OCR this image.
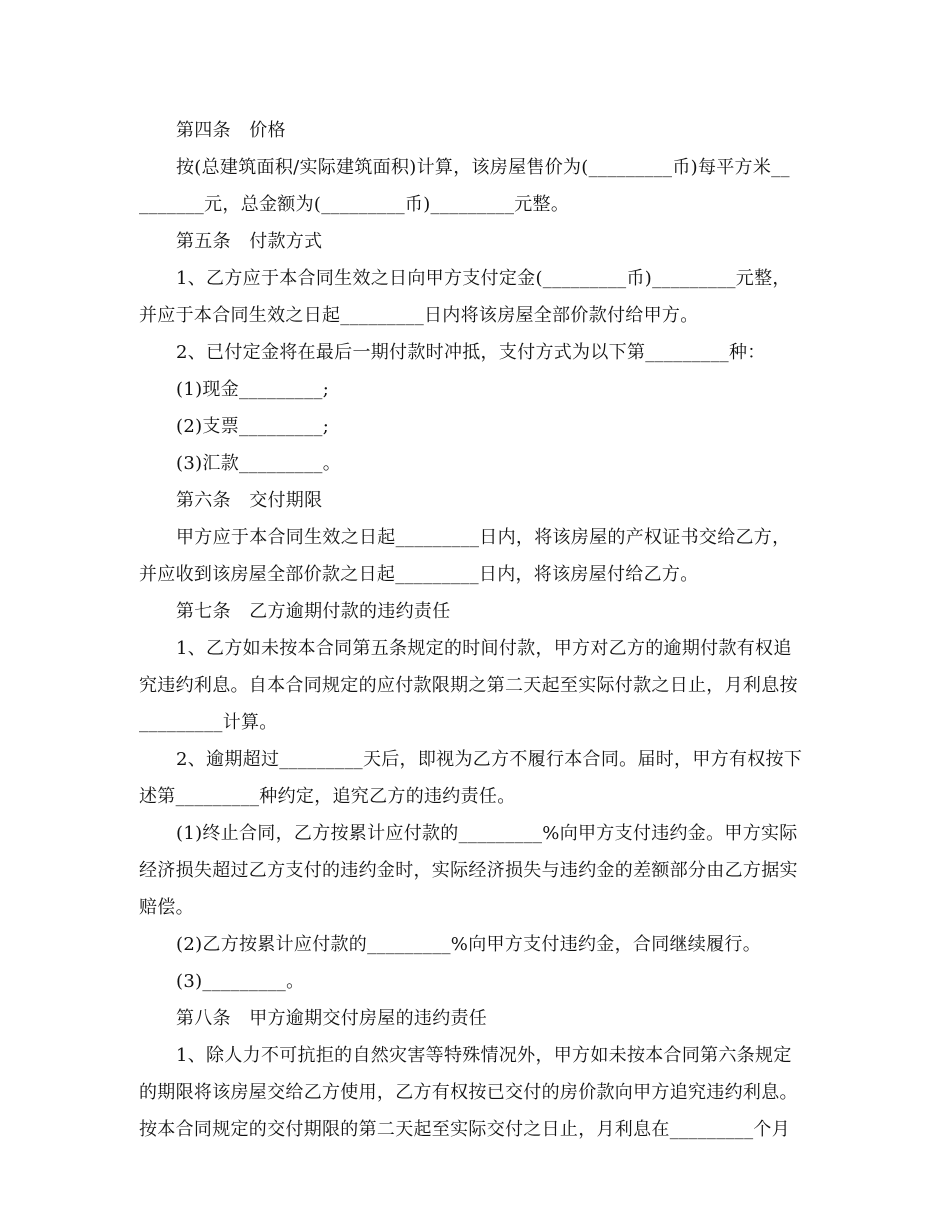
第四条　价格
按(总建筑面积/实际建筑面积)计算，该房屋售价为(_________币)每平方米__
_______元，总金额为(_________币)_________元整。
第五条　付款方式
1、乙方应于本合同生效之日向甲方支付定金(_________币)_________元整，
并应于本合同生效之日起_________日内将该房屋全部价款付给甲方。
2、已付定金将在最后一期付款时冲抵，支付方式为以下第_________种：
(1)现金_________;
(2)支票_________;
(3)汇款_________。
第六条　交付期限
甲方应于本合同生效之日起_________日内，将该房屋的产权证书交给乙方，
并应收到该房屋全部价款之日起_________日内，将该房屋付给乙方。
第七条　乙方逾期付款的违约责任
1、乙方如未按本合同第五条规定的时间付款，甲方对乙方的逾期付款有权追
究违约利息。自本合同规定的应付款限期之第二天起至实际付款之日止，月利息按
_________计算。
2、逾期超过_________天后，即视为乙方不履行本合同。届时，甲方有权按下
述第_________种约定，追究乙方的违约责任。
(1)终止合同，乙方按累计应付款的_________%向甲方支付违约金。甲方实际
经济损失超过乙方支付的违约金时，实际经济损失与违约金的差额部分由乙方据实
赔偿。
(2)乙方按累计应付款的_________%向甲方支付违约金，合同继续履行。
(3)_________。
第八条　甲方逾期交付房屋的违约责任
1、除人力不可抗拒的自然灾害等特殊情况外，甲方如未按本合同第六条规定
的期限将该房屋交给乙方使用，乙方有权按已交付的房价款向甲方追究违约利息。
按本合同规定的交付期限的第二天起至实际交付之日止，月利息在_________个月
